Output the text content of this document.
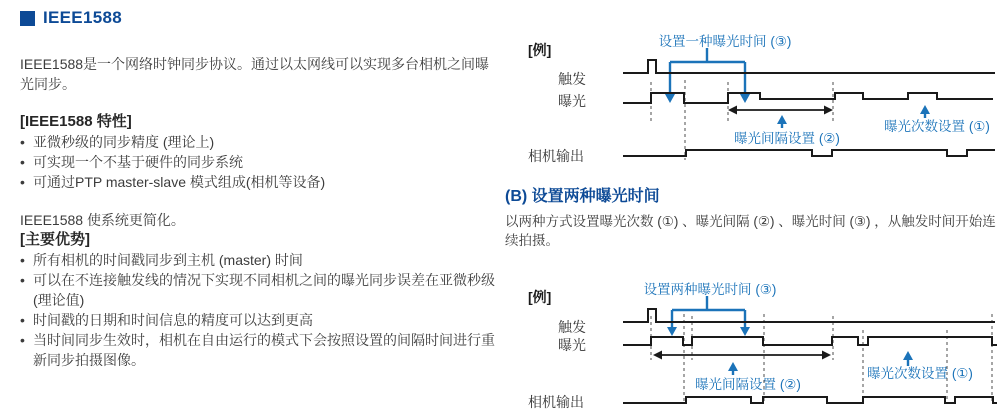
IEEE1588

IEEE1588是一个网络时钟同步协议。通过以太网线可以实现多台相机之间曝光同步。

[IEEE1588 特性]
• 亚微秒级的同步精度 (理论上)
• 可实现一个不基于硬件的同步系统
• 可通过PTP master-slave 模式组成(相机等设备)

IEEE1588 使系统更简化。

[主要优势]
• 所有相机的时间戳同步到主机 (master) 时间
• 可以在不连接触发线的情况下实现不同相机之间的曝光同步误差在亚微秒级 (理论值)
• 时间戳的日期和时间信息的精度可以达到更高
• 当时间同步生效时，相机在自由运行的模式下会按照设置的间隔时间进行重新同步拍摄图像。
[例]
设置一种曝光时间 (③)
触发
曝光
相机输出
曝光间隔设置 (②)
曝光次数设置 (①)
(B) 设置两种曝光时间

以两种方式设置曝光次数 (①) 、曝光间隔 (②) 、曝光时间 (③) ，从触发时间开始连续拍摄。

[例]	设置两种曝光时间 (③)
触发
曝光
相机输出
曝光间隔设置 (②)
曝光次数设置 (①)
